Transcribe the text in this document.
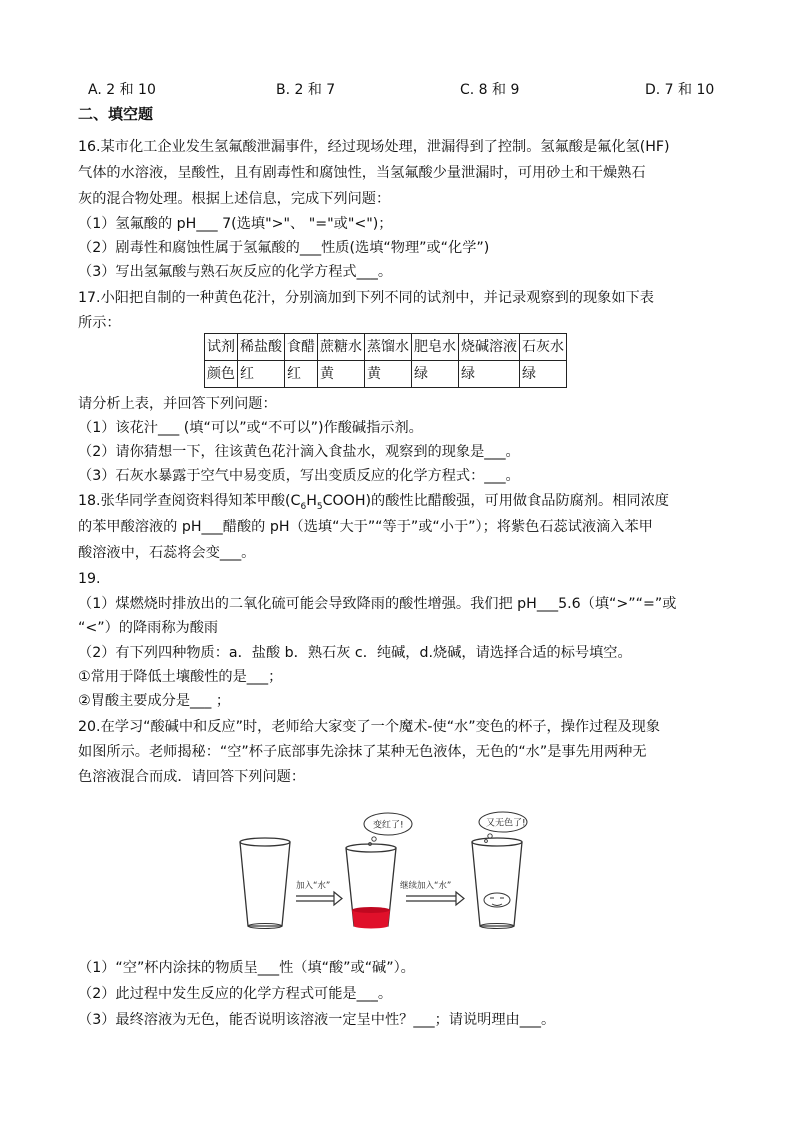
A. 2 和 10	B. 2 和 7	C. 8 和 9	D. 7 和 10
二、填空题
16.某市化工企业发生氢氟酸泄漏事件，经过现场处理，泄漏得到了控制。氢氟酸是氟化氢(HF)
气体的水溶液，呈酸性，且有剧毒性和腐蚀性，当氢氟酸少量泄漏时，可用砂土和干燥熟石
灰的混合物处理。根据上述信息，完成下列问题：
（1）氢氟酸的 pH___ 7(选填">"、 "="或"<")；
（2）剧毒性和腐蚀性属于氢氟酸的___性质(选填“物理”或“化学”)
（3）写出氢氟酸与熟石灰反应的化学方程式___。
17.小阳把自制的一种黄色花汁，分别滴加到下列不同的试剂中，并记录观察到的现象如下表
所示：
试剂	稀盐酸	食醋	蔗糖水	蒸馏水	肥皂水	烧碱溶液	石灰水
颜色	红	红	黄	黄	绿	绿	绿
请分析上表，并回答下列问题：
（1）该花汁___ (填“可以”或“不可以”)作酸碱指示剂。
（2）请你猜想一下，往该黄色花汁滴入食盐水，观察到的现象是___。
（3）石灰水暴露于空气中易变质，写出变质反应的化学方程式：___。
18.张华同学查阅资料得知苯甲酸$(C_6H_5COOH)$的酸性比醋酸强，可用做食品防腐剂。相同浓度
的苯甲酸溶液的 pH___醋酸的 pH（选填“大于”“等于”或“小于”）；将紫色石蕊试液滴入苯甲
酸溶液中，石蕊将会变___。
19.
（1）煤燃烧时排放出的二氧化硫可能会导致降雨的酸性增强。我们把 pH___5.6（填“>”“=”或
“<”）的降雨称为酸雨
（2）有下列四种物质：a．盐酸 b．熟石灰 c．纯碱，d.烧碱，请选择合适的标号填空。
①常用于降低土壤酸性的是___；
②胃酸主要成分是___ ；
20.在学习“酸碱中和反应”时，老师给大家变了一个魔术-使“水”变色的杯子，操作过程及现象
如图所示。老师揭秘：“空”杯子底部事先涂抹了某种无色液体，无色的“水”是事先用两种无
色溶液混合而成．请回答下列问题：
加入“水”
变红了!
继续加入“水”
又无色了!
（1）“空”杯内涂抹的物质呈___性（填“酸”或“碱”）。
（2）此过程中发生反应的化学方程式可能是___。
（3）最终溶液为无色，能否说明该溶液一定呈中性？___；请说明理由___。
